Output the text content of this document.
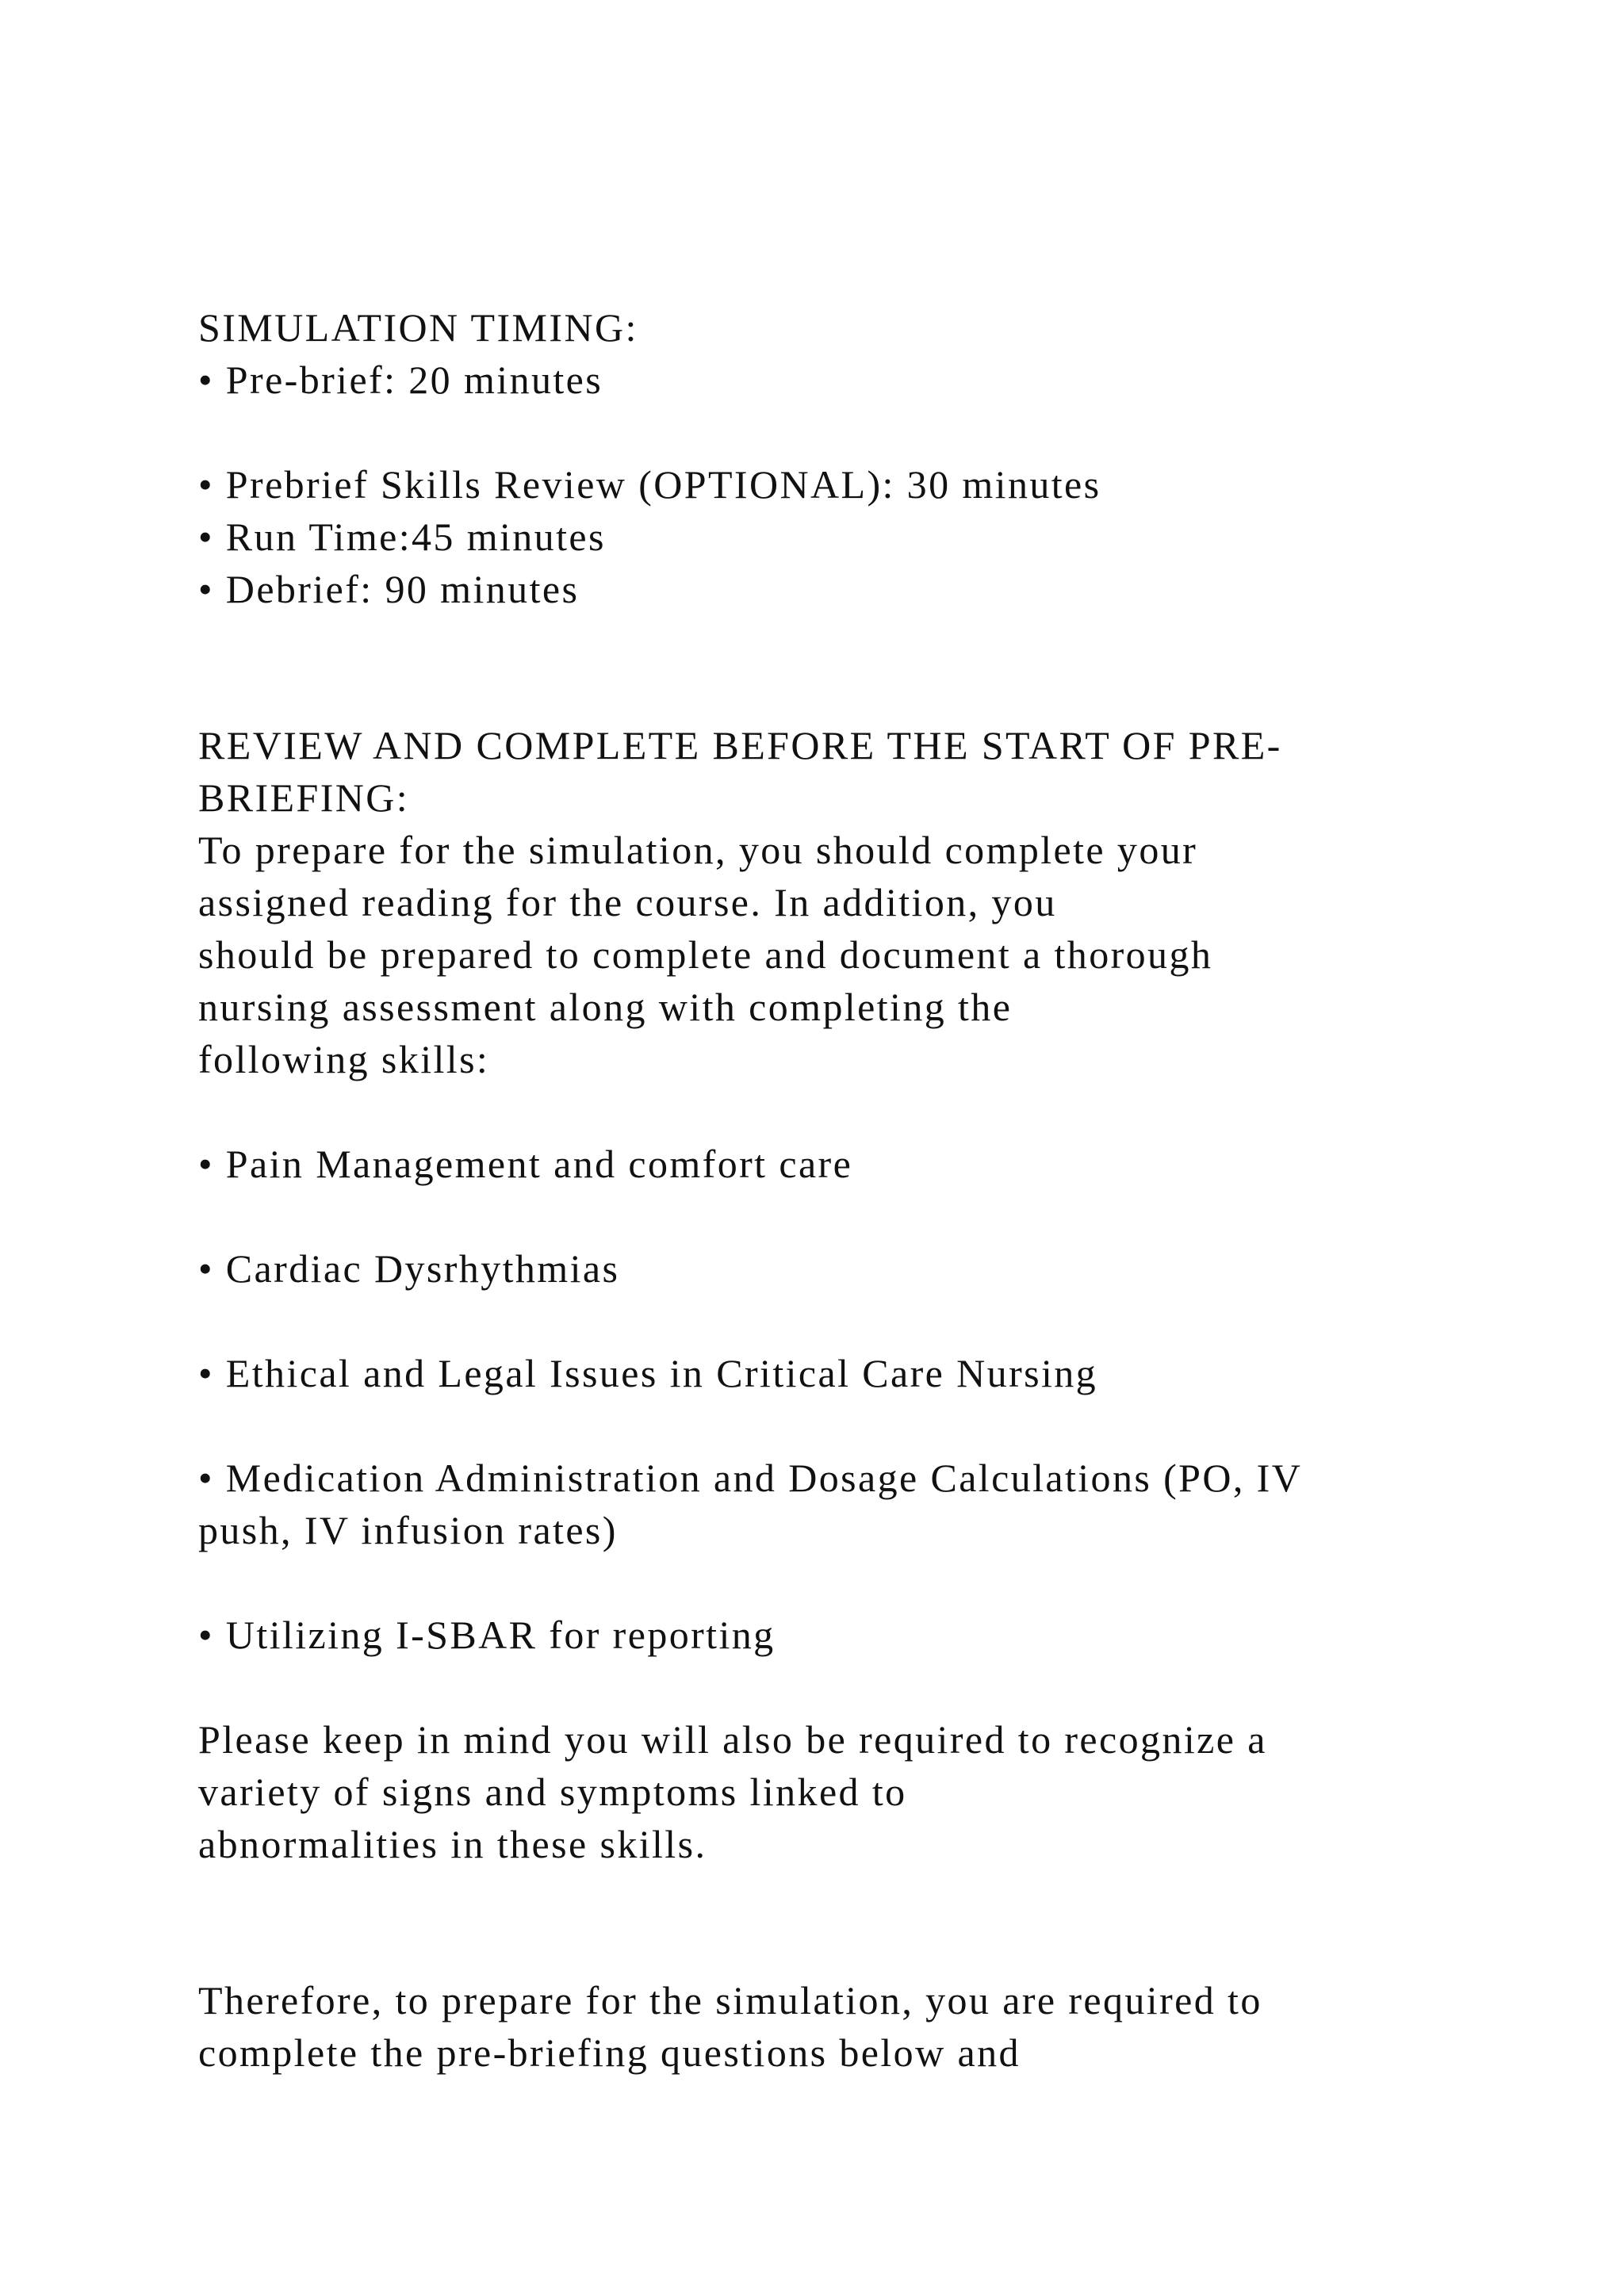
SIMULATION TIMING:

• Pre-brief: 20 minutes

• Prebrief Skills Review (OPTIONAL): 30 minutes

• Run Time:45 minutes

• Debrief: 90 minutes

REVIEW AND COMPLETE BEFORE THE START OF PRE-

BRIEFING:

To prepare for the simulation, you should complete your

assigned reading for the course. In addition, you

should be prepared to complete and document a thorough

nursing assessment along with completing the

following skills:

• Pain Management and comfort care

• Cardiac Dysrhythmias

• Ethical and Legal Issues in Critical Care Nursing

• Medication Administration and Dosage Calculations (PO, IV

push, IV infusion rates)

• Utilizing I-SBAR for reporting

Please keep in mind you will also be required to recognize a

variety of signs and symptoms linked to

abnormalities in these skills.

Therefore, to prepare for the simulation, you are required to

complete the pre-briefing questions below and
